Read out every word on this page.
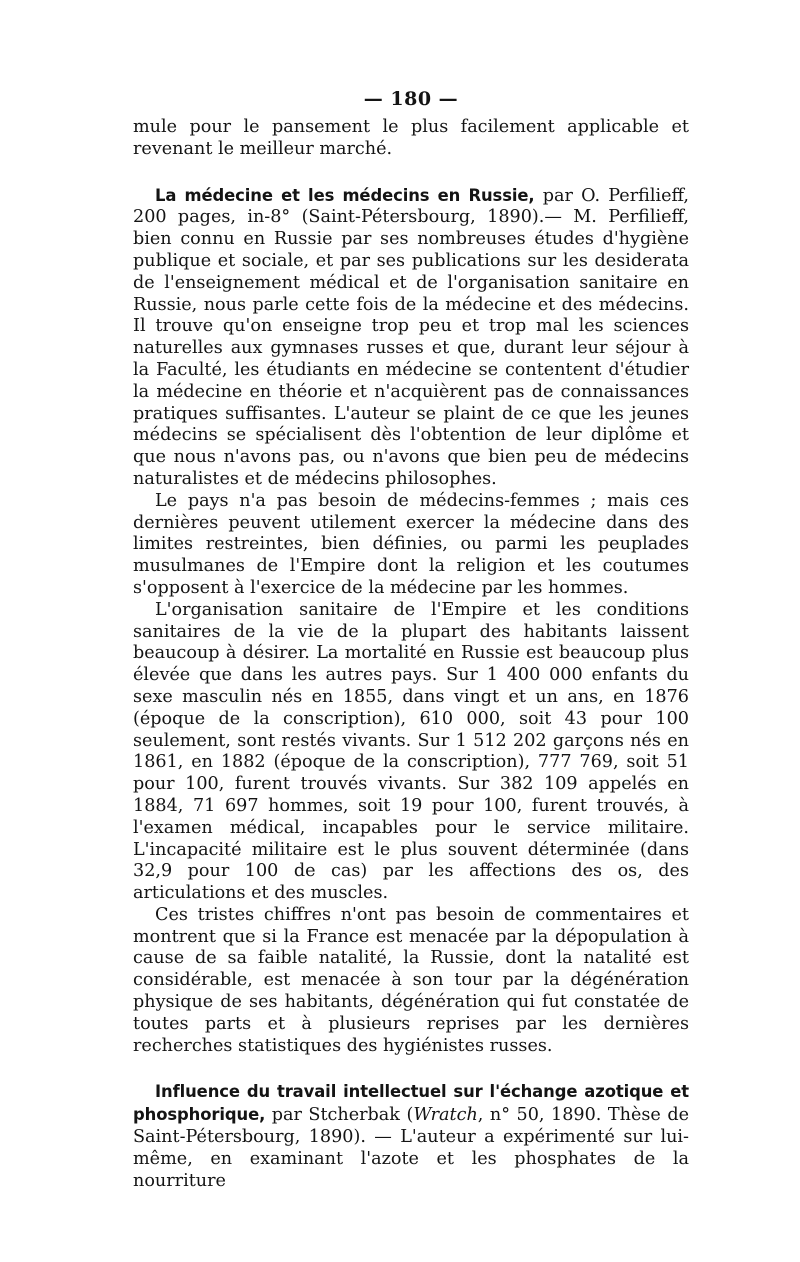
— 180 —

mule pour le pansement le plus facilement applicable et revenant le meilleur marché.

La médecine et les médecins en Russie, par O. Perfilieff, 200 pages, in-8° (Saint-Pétersbourg, 1890).— M. Perfilieff, bien connu en Russie par ses nombreuses études d'hygiène publique et sociale, et par ses publications sur les desiderata de l'enseignement médical et de l'organisation sanitaire en Russie, nous parle cette fois de la médecine et des médecins. Il trouve qu'on enseigne trop peu et trop mal les sciences naturelles aux gymnases russes et que, durant leur séjour à la Faculté, les étudiants en médecine se contentent d'étudier la médecine en théorie et n'acquièrent pas de connaissances pratiques suffisantes. L'auteur se plaint de ce que les jeunes médecins se spécialisent dès l'obtention de leur diplôme et que nous n'avons pas, ou n'avons que bien peu de médecins naturalistes et de médecins philosophes.

Le pays n'a pas besoin de médecins-femmes ; mais ces dernières peuvent utilement exercer la médecine dans des limites restreintes, bien définies, ou parmi les peuplades musulmanes de l'Empire dont la religion et les coutumes s'opposent à l'exercice de la médecine par les hommes.

L'organisation sanitaire de l'Empire et les conditions sanitaires de la vie de la plupart des habitants laissent beaucoup à désirer. La mortalité en Russie est beaucoup plus élevée que dans les autres pays. Sur 1 400 000 enfants du sexe masculin nés en 1855, dans vingt et un ans, en 1876 (époque de la conscription), 610 000, soit 43 pour 100 seulement, sont restés vivants. Sur 1 512 202 garçons nés en 1861, en 1882 (époque de la conscription), 777 769, soit 51 pour 100, furent trouvés vivants. Sur 382 109 appelés en 1884, 71 697 hommes, soit 19 pour 100, furent trouvés, à l'examen médical, incapables pour le service militaire. L'incapacité militaire est le plus souvent déterminée (dans 32,9 pour 100 de cas) par les affections des os, des articulations et des muscles.

Ces tristes chiffres n'ont pas besoin de commentaires et montrent que si la France est menacée par la dépopulation à cause de sa faible natalité, la Russie, dont la natalité est considérable, est menacée à son tour par la dégénération physique de ses habitants, dégénération qui fut constatée de toutes parts et à plusieurs reprises par les dernières recherches statistiques des hygiénistes russes.

Influence du travail intellectuel sur l'échange azotique et phosphorique, par Stcherbak (Wratch, n° 50, 1890. Thèse de Saint-Pétersbourg, 1890). — L'auteur a expérimenté sur lui-même, en examinant l'azote et les phosphates de la nourriture
